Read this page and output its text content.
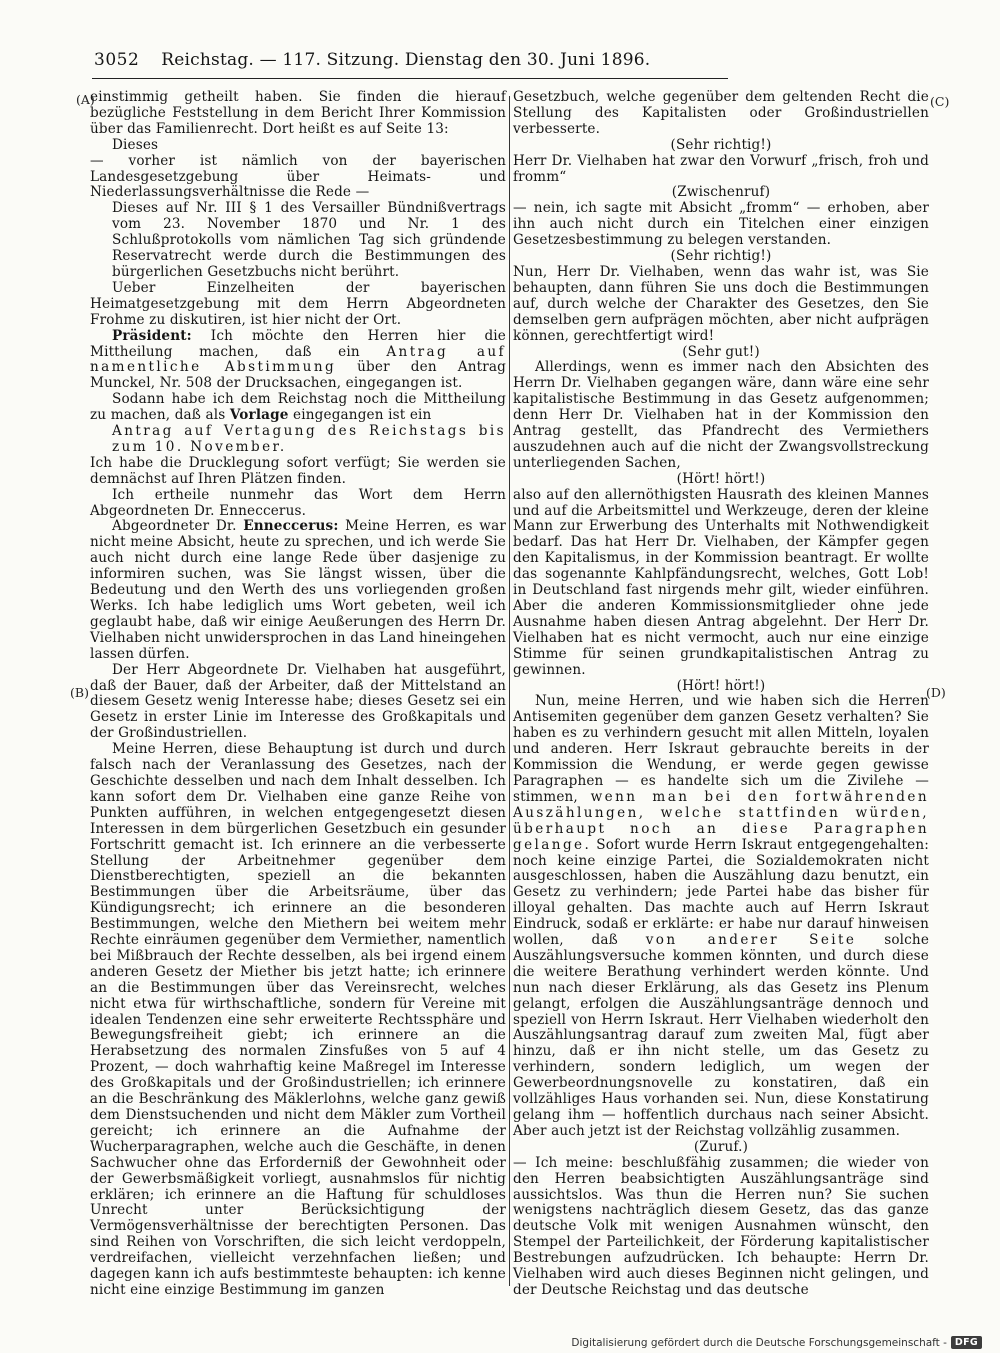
3052 Reichstag. — 117. Sitzung. Dienstag den 30. Juni 1896.
(A)
(B)
(C)
(D)

einstimmig getheilt haben. Sie finden die hierauf bezügliche Feststellung in dem Bericht Ihrer Kommission über das Familienrecht. Dort heißt es auf Seite 13:

Dieses

— vorher ist nämlich von der bayerischen Landesgesetzgebung über Heimats- und Niederlassungsverhältnisse die Rede —

Dieses auf Nr. III § 1 des Versailler Bündnißvertrags vom 23. November 1870 und Nr. 1 des Schlußprotokolls vom nämlichen Tag sich gründende Reservatrecht werde durch die Bestimmungen des bürgerlichen Gesetzbuchs nicht berührt.

Ueber Einzelheiten der bayerischen Heimatgesetzgebung mit dem Herrn Abgeordneten Frohme zu diskutiren, ist hier nicht der Ort.

Präsident: Ich möchte den Herren hier die Mittheilung machen, daß ein Antrag auf namentliche Abstimmung über den Antrag Munckel, Nr. 508 der Drucksachen, eingegangen ist.

Sodann habe ich dem Reichstag noch die Mittheilung zu machen, daß als Vorlage eingegangen ist ein

Antrag auf Vertagung des Reichstags bis zum 10. November.

Ich habe die Drucklegung sofort verfügt; Sie werden sie demnächst auf Ihren Plätzen finden.

Ich ertheile nunmehr das Wort dem Herrn Abgeordneten Dr. Enneccerus.

Abgeordneter Dr. Enneccerus: Meine Herren, es war nicht meine Absicht, heute zu sprechen, und ich werde Sie auch nicht durch eine lange Rede über dasjenige zu informiren suchen, was Sie längst wissen, über die Bedeutung und den Werth des uns vorliegenden großen Werks. Ich habe lediglich ums Wort gebeten, weil ich geglaubt habe, daß wir einige Aeußerungen des Herrn Dr. Vielhaben nicht unwidersprochen in das Land hineingehen lassen dürfen.

Der Herr Abgeordnete Dr. Vielhaben hat ausgeführt, daß der Bauer, daß der Arbeiter, daß der Mittelstand an diesem Gesetz wenig Interesse habe; dieses Gesetz sei ein Gesetz in erster Linie im Interesse des Großkapitals und der Großindustriellen.

Meine Herren, diese Behauptung ist durch und durch falsch nach der Veranlassung des Gesetzes, nach der Geschichte desselben und nach dem Inhalt desselben. Ich kann sofort dem Dr. Vielhaben eine ganze Reihe von Punkten aufführen, in welchen entgegengesetzt diesen Interessen in dem bürgerlichen Gesetzbuch ein gesunder Fortschritt gemacht ist. Ich erinnere an die verbesserte Stellung der Arbeitnehmer gegenüber dem Dienstberechtigten, speziell an die bekannten Bestimmungen über die Arbeitsräume, über das Kündigungsrecht; ich erinnere an die besonderen Bestimmungen, welche den Miethern bei weitem mehr Rechte einräumen gegenüber dem Vermiether, namentlich bei Mißbrauch der Rechte desselben, als bei irgend einem anderen Gesetz der Miether bis jetzt hatte; ich erinnere an die Bestimmungen über das Vereinsrecht, welches nicht etwa für wirthschaftliche, sondern für Vereine mit idealen Tendenzen eine sehr erweiterte Rechtssphäre und Bewegungsfreiheit giebt; ich erinnere an die Herabsetzung des normalen Zinsfußes von 5 auf 4 Prozent, — doch wahrhaftig keine Maßregel im Interesse des Großkapitals und der Großindustriellen; ich erinnere an die Beschränkung des Mäklerlohns, welche ganz gewiß dem Dienstsuchenden und nicht dem Mäkler zum Vortheil gereicht; ich erinnere an die Aufnahme der Wucherparagraphen, welche auch die Geschäfte, in denen Sachwucher ohne das Erforderniß der Gewohnheit oder der Gewerbsmäßigkeit vorliegt, ausnahmslos für nichtig erklären; ich erinnere an die Haftung für schuldloses Unrecht unter Berücksichtigung der Vermögensverhältnisse der berechtigten Personen. Das sind Reihen von Vorschriften, die sich leicht verdoppeln, verdreifachen, vielleicht verzehnfachen ließen; und dagegen kann ich aufs bestimmteste behaupten: ich kenne nicht eine einzige Bestimmung im ganzen

Gesetzbuch, welche gegenüber dem geltenden Recht die Stellung des Kapitalisten oder Großindustriellen verbesserte.

(Sehr richtig!)

Herr Dr. Vielhaben hat zwar den Vorwurf „frisch, froh und fromm“

(Zwischenruf)

— nein, ich sagte mit Absicht „fromm“ — erhoben, aber ihn auch nicht durch ein Titelchen einer einzigen Gesetzesbestimmung zu belegen verstanden.

(Sehr richtig!)

Nun, Herr Dr. Vielhaben, wenn das wahr ist, was Sie behaupten, dann führen Sie uns doch die Bestimmungen auf, durch welche der Charakter des Gesetzes, den Sie demselben gern aufprägen möchten, aber nicht aufprägen können, gerechtfertigt wird!

(Sehr gut!)

Allerdings, wenn es immer nach den Absichten des Herrn Dr. Vielhaben gegangen wäre, dann wäre eine sehr kapitalistische Bestimmung in das Gesetz aufgenommen; denn Herr Dr. Vielhaben hat in der Kommission den Antrag gestellt, das Pfandrecht des Vermiethers auszudehnen auch auf die nicht der Zwangsvollstreckung unterliegenden Sachen,

(Hört! hört!)

also auf den allernöthigsten Hausrath des kleinen Mannes und auf die Arbeitsmittel und Werkzeuge, deren der kleine Mann zur Erwerbung des Unterhalts mit Nothwendigkeit bedarf. Das hat Herr Dr. Vielhaben, der Kämpfer gegen den Kapitalismus, in der Kommission beantragt. Er wollte das sogenannte Kahlpfändungsrecht, welches, Gott Lob! in Deutschland fast nirgends mehr gilt, wieder einführen. Aber die anderen Kommissionsmitglieder ohne jede Ausnahme haben diesen Antrag abgelehnt. Der Herr Dr. Vielhaben hat es nicht vermocht, auch nur eine einzige Stimme für seinen grundkapitalistischen Antrag zu gewinnen.

(Hört! hört!)

Nun, meine Herren, und wie haben sich die Herren Antisemiten gegenüber dem ganzen Gesetz verhalten? Sie haben es zu verhindern gesucht mit allen Mitteln, loyalen und anderen. Herr Iskraut gebrauchte bereits in der Kommission die Wendung, er werde gegen gewisse Paragraphen — es handelte sich um die Zivilehe — stimmen, wenn man bei den fortwährenden Auszählungen, welche stattfinden würden, überhaupt noch an diese Paragraphen gelange. Sofort wurde Herrn Iskraut entgegengehalten: noch keine einzige Partei, die Sozialdemokraten nicht ausgeschlossen, haben die Auszählung dazu benutzt, ein Gesetz zu verhindern; jede Partei habe das bisher für illoyal gehalten. Das machte auch auf Herrn Iskraut Eindruck, sodaß er erklärte: er habe nur darauf hinweisen wollen, daß von anderer Seite solche Auszählungsversuche kommen könnten, und durch diese die weitere Berathung verhindert werden könnte. Und nun nach dieser Erklärung, als das Gesetz ins Plenum gelangt, erfolgen die Auszählungsanträge dennoch und speziell von Herrn Iskraut. Herr Vielhaben wiederholt den Auszählungsantrag darauf zum zweiten Mal, fügt aber hinzu, daß er ihn nicht stelle, um das Gesetz zu verhindern, sondern lediglich, um wegen der Gewerbeordnungsnovelle zu konstatiren, daß ein vollzähliges Haus vorhanden sei. Nun, diese Konstatirung gelang ihm — hoffentlich durchaus nach seiner Absicht. Aber auch jetzt ist der Reichstag vollzählig zusammen.

(Zuruf.)

— Ich meine: beschlußfähig zusammen; die wieder von den Herren beabsichtigten Auszählungsanträge sind aussichtslos. Was thun die Herren nun? Sie suchen wenigstens nachträglich diesem Gesetz, das das ganze deutsche Volk mit wenigen Ausnahmen wünscht, den Stempel der Parteilichkeit, der Förderung kapitalistischer Bestrebungen aufzudrücken. Ich behaupte: Herrn Dr. Vielhaben wird auch dieses Beginnen nicht gelingen, und der Deutsche Reichstag und das deutsche

Digitalisierung gefördert durch die Deutsche Forschungsgemeinschaft - DFG
